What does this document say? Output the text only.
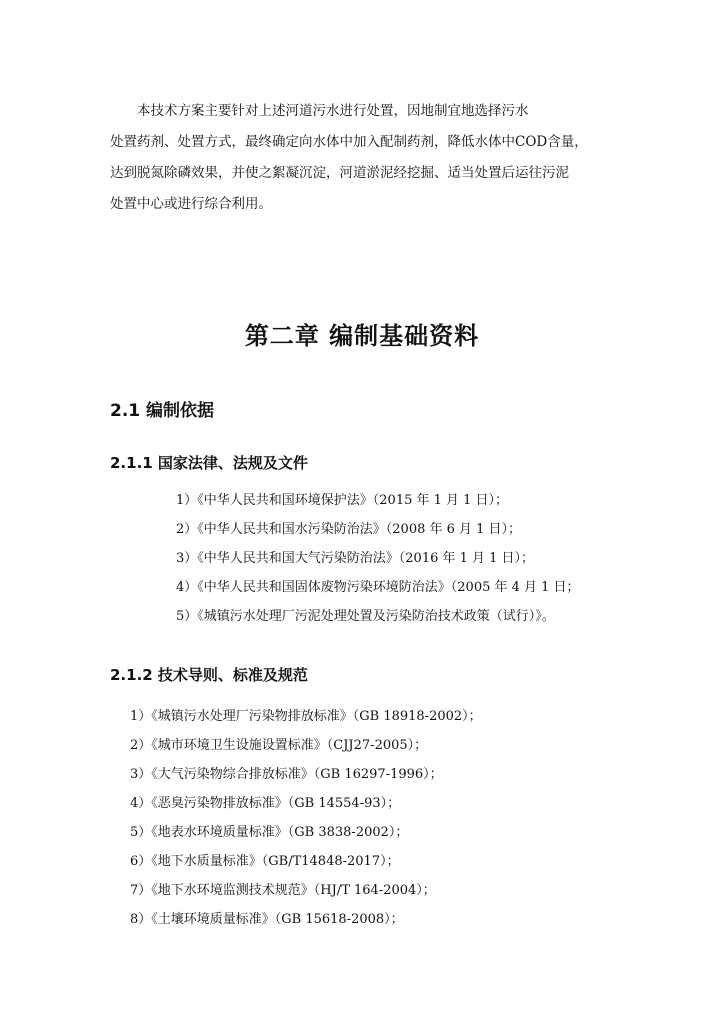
本技术方案主要针对上述河道污水进行处置，因地制宜地选择污水
处置药剂、处置方式，最终确定向水体中加入配制药剂，降低水体中COD含量，
达到脱氮除磷效果，并使之絮凝沉淀，河道淤泥经挖掘、适当处置后运往污泥
处置中心或进行综合利用。
第二章 编制基础资料
2.1 编制依据
2.1.1 国家法律、法规及文件
1）《中华人民共和国环境保护法》（2015 年 1 月 1 日）；
2）《中华人民共和国水污染防治法》（2008 年 6 月 1 日）；
3）《中华人民共和国大气污染防治法》（2016 年 1 月 1 日）；
4）《中华人民共和国固体废物污染环境防治法》（2005 年 4 月 1 日；
5）《城镇污水处理厂污泥处理处置及污染防治技术政策（试行）》。
2.1.2 技术导则、标准及规范
1）《城镇污水处理厂污染物排放标准》（GB 18918-2002）；
2）《城市环境卫生设施设置标准》（CJJ27-2005）；
3）《大气污染物综合排放标准》（GB 16297-1996）；
4）《恶臭污染物排放标准》（GB 14554-93）；
5）《地表水环境质量标准》（GB 3838-2002）；
6）《地下水质量标准》（GB/T14848-2017）；
7）《地下水环境监测技术规范》（HJ/T 164-2004）；
8）《土壤环境质量标准》（GB 15618-2008）；
